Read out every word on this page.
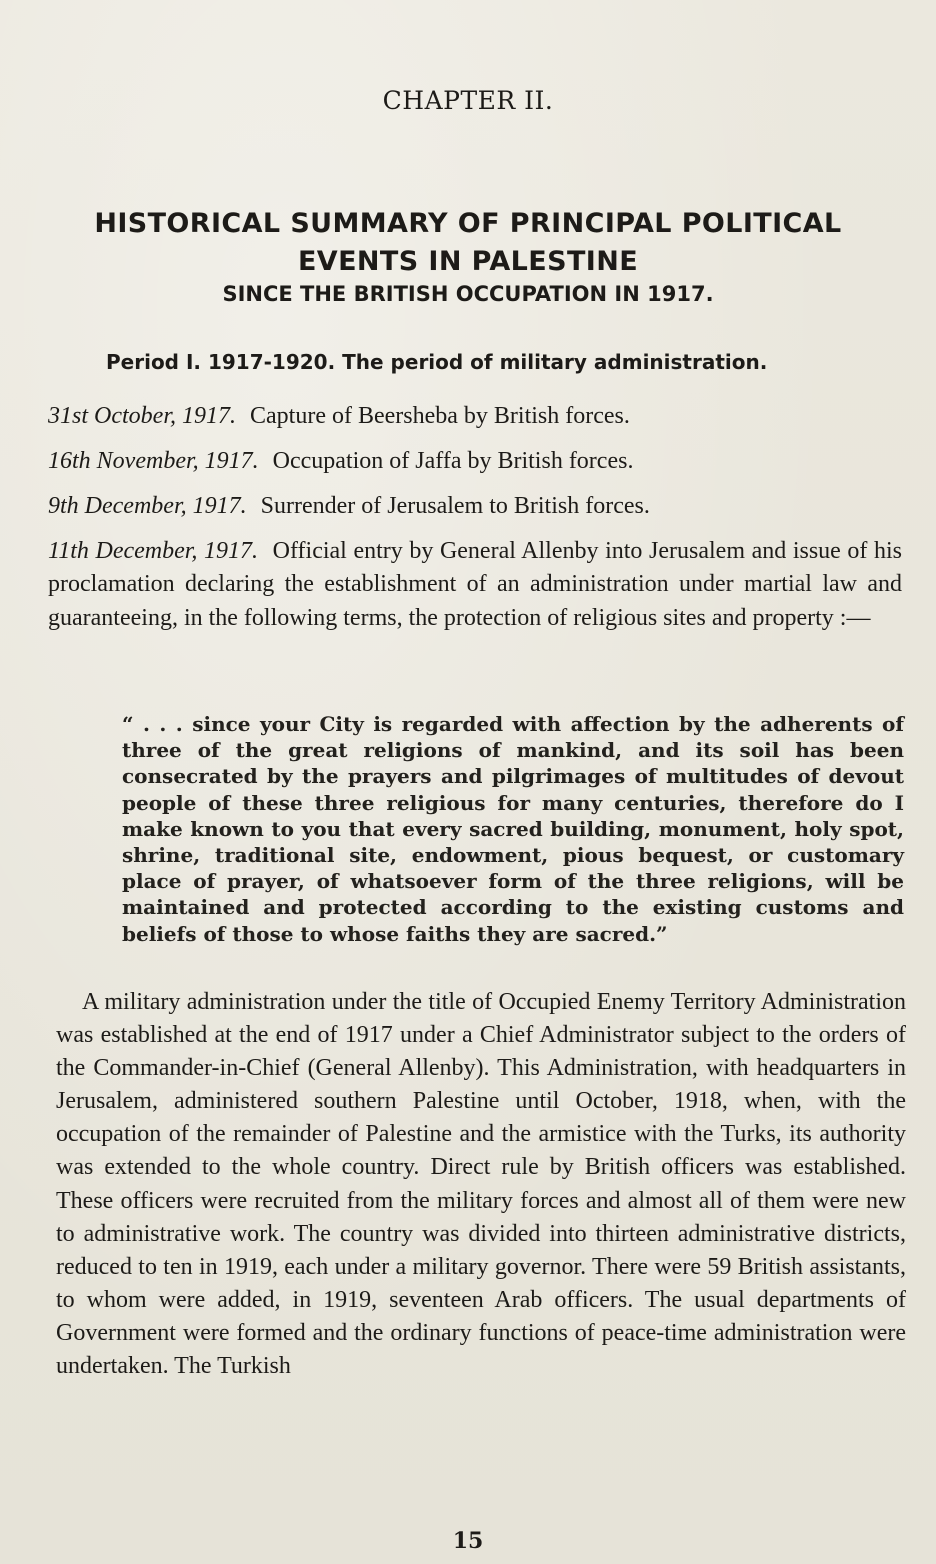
CHAPTER II.
HISTORICAL SUMMARY OF PRINCIPAL POLITICAL
EVENTS IN PALESTINE
SINCE THE BRITISH OCCUPATION IN 1917.
Period I. 1917-1920. The period of military administration.
31st October, 1917. Capture of Beersheba by British forces.
16th November, 1917. Occupation of Jaffa by British forces.
9th December, 1917. Surrender of Jerusalem to British forces.
11th December, 1917. Official entry by General Allenby into Jerusalem and issue of his proclamation declaring the establishment of an administration under martial law and guaranteeing, in the following terms, the protection of religious sites and property :—
“ . . . since your City is regarded with affection by the adherents of three of the great religions of mankind, and its soil has been consecrated by the prayers and pilgrimages of multitudes of devout people of these three religious for many centuries, therefore do I make known to you that every sacred building, monument, holy spot, shrine, traditional site, endowment, pious bequest, or customary place of prayer, of whatsoever form of the three religions, will be maintained and protected according to the existing customs and beliefs of those to whose faiths they are sacred.”
A military administration under the title of Occupied Enemy Territory Administration was established at the end of 1917 under a Chief Administrator subject to the orders of the Commander-in-Chief (General Allenby). This Administration, with headquarters in Jerusalem, administered southern Palestine until October, 1918, when, with the occupation of the remainder of Palestine and the armistice with the Turks, its authority was extended to the whole country. Direct rule by British officers was established. These officers were recruited from the military forces and almost all of them were new to administrative work. The country was divided into thirteen administrative districts, reduced to ten in 1919, each under a military governor. There were 59 British assistants, to whom were added, in 1919, seventeen Arab officers. The usual departments of Government were formed and the ordinary functions of peace-time administration were undertaken. The Turkish
15
